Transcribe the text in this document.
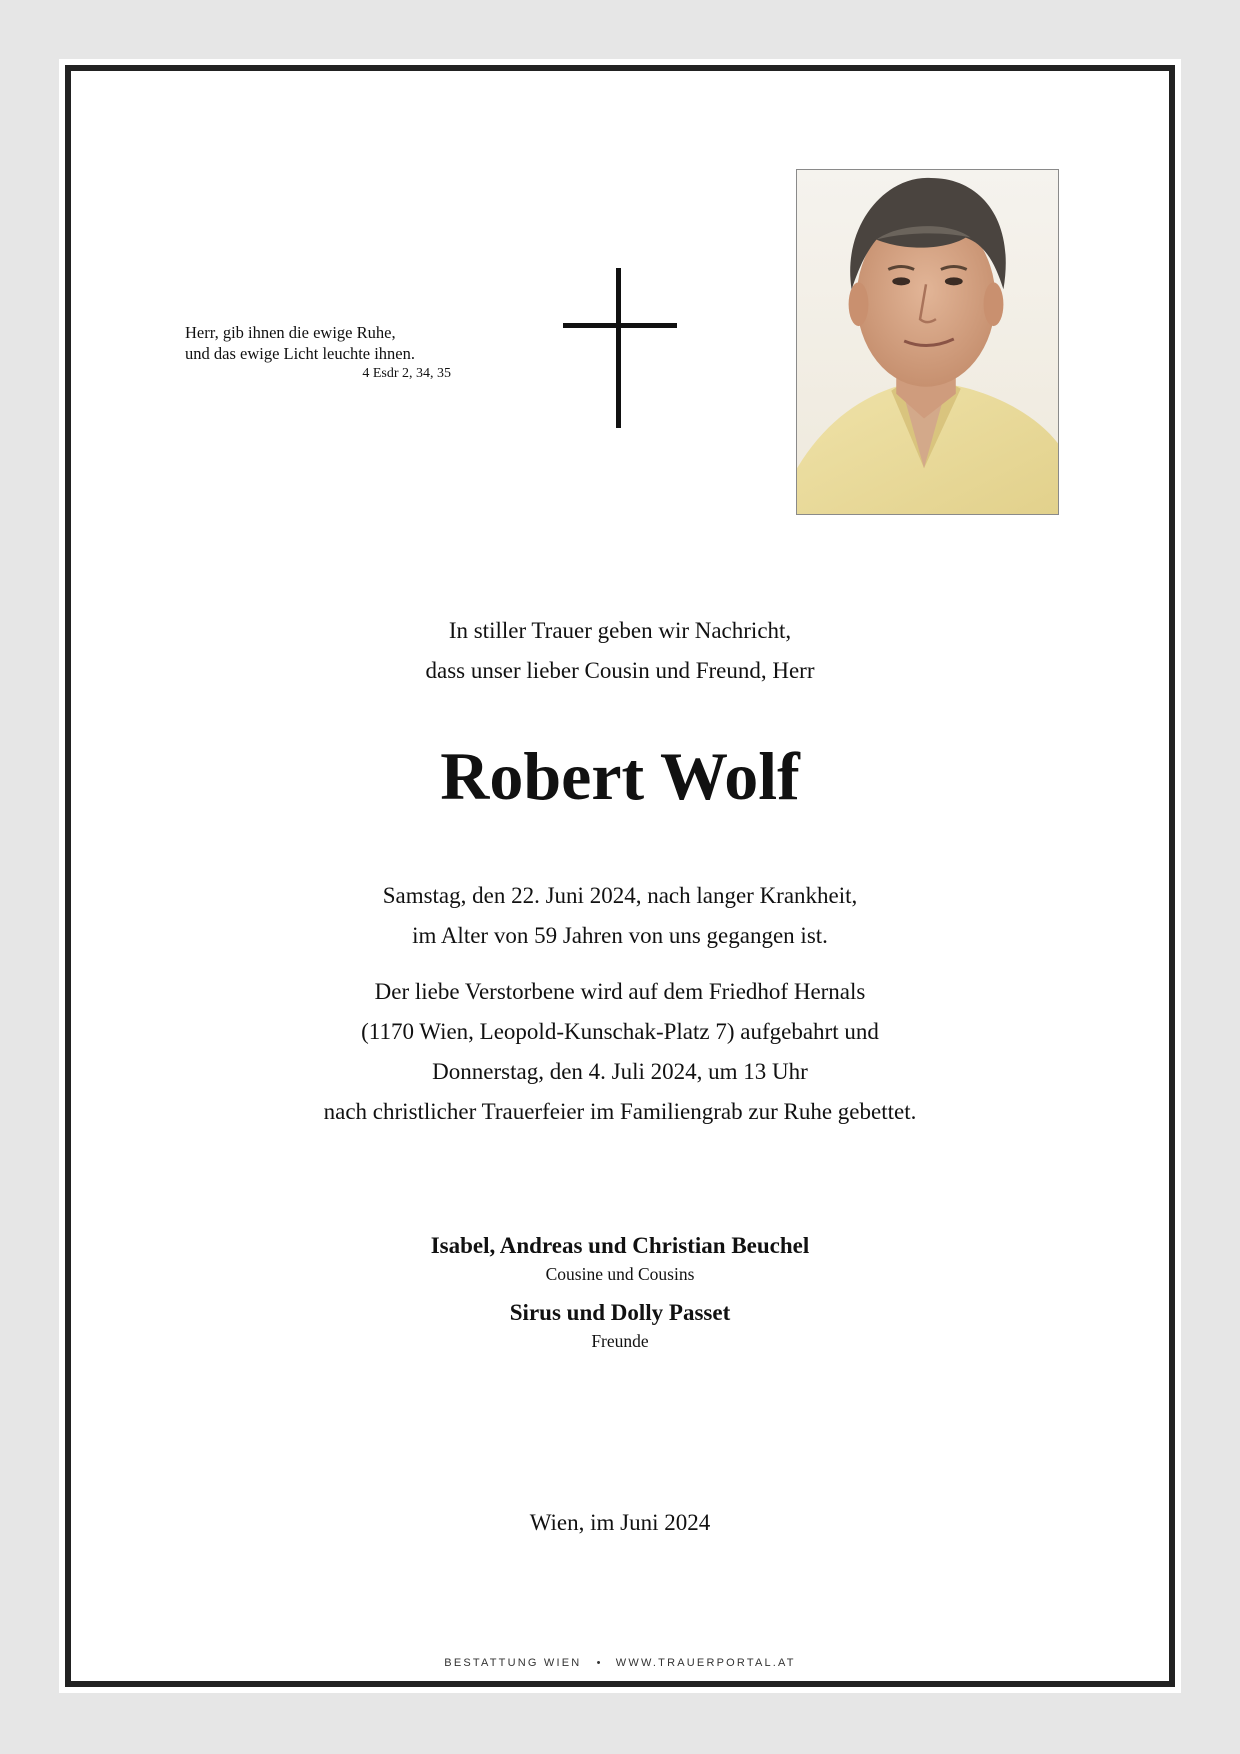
Herr, gib ihnen die ewige Ruhe,
und das ewige Licht leuchte ihnen.
4 Esdr 2, 34, 35
In stiller Trauer geben wir Nachricht,
dass unser lieber Cousin und Freund, Herr
Robert Wolf
Samstag, den 22. Juni 2024, nach langer Krankheit,
im Alter von 59 Jahren von uns gegangen ist.
Der liebe Verstorbene wird auf dem Friedhof Hernals
(1170 Wien, Leopold-Kunschak-Platz 7) aufgebahrt und
Donnerstag, den 4. Juli 2024, um 13 Uhr
nach christlicher Trauerfeier im Familiengrab zur Ruhe gebettet.
Isabel, Andreas und Christian Beuchel
Cousine und Cousins
Sirus und Dolly Passet
Freunde
Wien, im Juni 2024
BESTATTUNG WIEN • WWW.TRAUERPORTAL.AT
